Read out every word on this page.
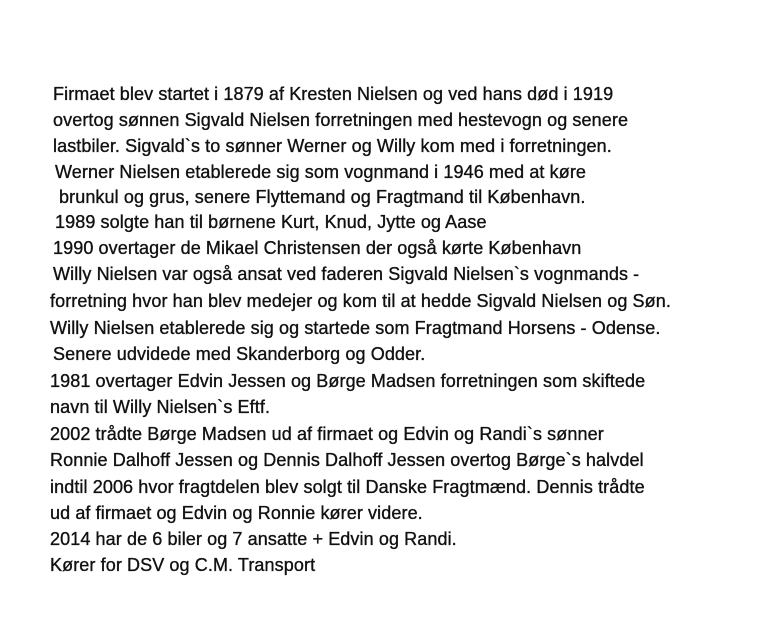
Firmaet blev startet i 1879 af Kresten Nielsen og ved hans død i 1919
overtog sønnen Sigvald Nielsen forretningen med hestevogn og senere
lastbiler. Sigvald`s to sønner Werner og Willy kom med i forretningen.
Werner Nielsen etablerede sig som vognmand i 1946 med at køre
brunkul og grus, senere Flyttemand og Fragtmand til København.
1989 solgte han til børnene Kurt, Knud, Jytte og Aase
1990 overtager de Mikael Christensen der også kørte København
Willy Nielsen var også ansat ved faderen Sigvald Nielsen`s vognmands -
forretning hvor han blev medejer og kom til at hedde Sigvald Nielsen og Søn.
Willy Nielsen etablerede sig og startede som Fragtmand Horsens - Odense.
Senere udvidede med Skanderborg og Odder.
1981 overtager Edvin Jessen og Børge Madsen forretningen som skiftede
navn til Willy Nielsen`s Eftf.
2002 trådte Børge Madsen ud af firmaet og Edvin og Randi`s sønner
Ronnie Dalhoff Jessen og Dennis Dalhoff Jessen overtog Børge`s halvdel
indtil 2006 hvor fragtdelen blev solgt til Danske Fragtmænd. Dennis trådte
ud af firmaet og Edvin og Ronnie kører videre.
2014 har de 6 biler og 7 ansatte + Edvin og Randi.
Kører for DSV og C.M. Transport
